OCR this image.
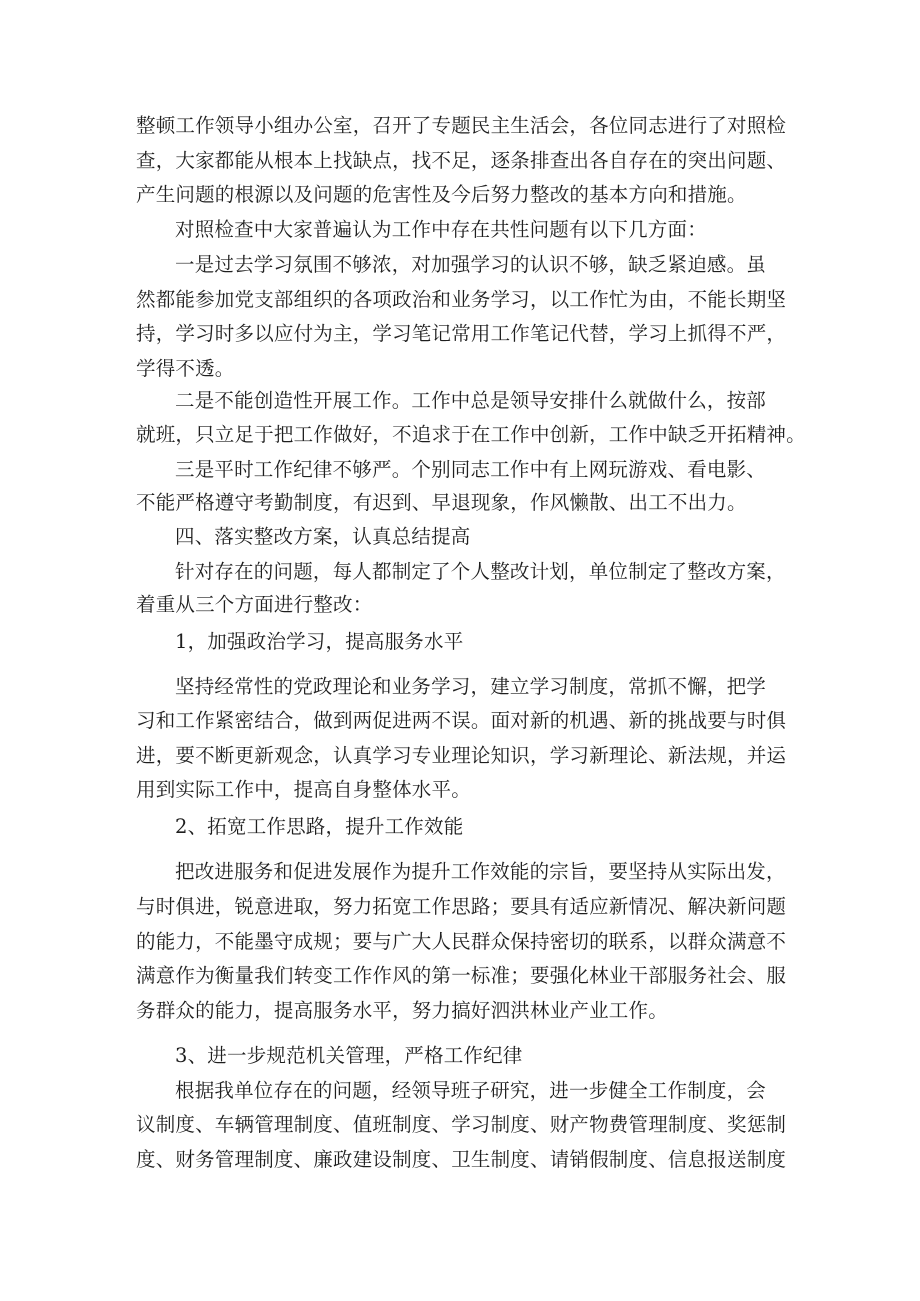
整顿工作领导小组办公室，召开了专题民主生活会，各位同志进行了对照检
查，大家都能从根本上找缺点，找不足，逐条排查出各自存在的突出问题、
产生问题的根源以及问题的危害性及今后努力整改的基本方向和措施。
对照检查中大家普遍认为工作中存在共性问题有以下几方面：
一是过去学习氛围不够浓，对加强学习的认识不够，缺乏紧迫感。虽
然都能参加党支部组织的各项政治和业务学习，以工作忙为由，不能长期坚
持，学习时多以应付为主，学习笔记常用工作笔记代替，学习上抓得不严，
学得不透。
二是不能创造性开展工作。工作中总是领导安排什么就做什么，按部
就班，只立足于把工作做好，不追求于在工作中创新，工作中缺乏开拓精神。
三是平时工作纪律不够严。个别同志工作中有上网玩游戏、看电影、
不能严格遵守考勤制度，有迟到、早退现象，作风懒散、出工不出力。
四、落实整改方案，认真总结提高
针对存在的问题，每人都制定了个人整改计划，单位制定了整改方案，
着重从三个方面进行整改：
1，加强政治学习，提高服务水平
坚持经常性的党政理论和业务学习，建立学习制度，常抓不懈，把学
习和工作紧密结合，做到两促进两不误。面对新的机遇、新的挑战要与时俱
进，要不断更新观念，认真学习专业理论知识，学习新理论、新法规，并运
用到实际工作中，提高自身整体水平。
2、拓宽工作思路，提升工作效能
把改进服务和促进发展作为提升工作效能的宗旨，要坚持从实际出发，
与时俱进，锐意进取，努力拓宽工作思路；要具有适应新情况、解决新问题
的能力，不能墨守成规；要与广大人民群众保持密切的联系，以群众满意不
满意作为衡量我们转变工作作风的第一标准；要强化林业干部服务社会、服
务群众的能力，提高服务水平，努力搞好泗洪林业产业工作。
3、进一步规范机关管理，严格工作纪律
根据我单位存在的问题，经领导班子研究，进一步健全工作制度，会
议制度、车辆管理制度、值班制度、学习制度、财产物费管理制度、奖惩制
度、财务管理制度、廉政建设制度、卫生制度、请销假制度、信息报送制度
